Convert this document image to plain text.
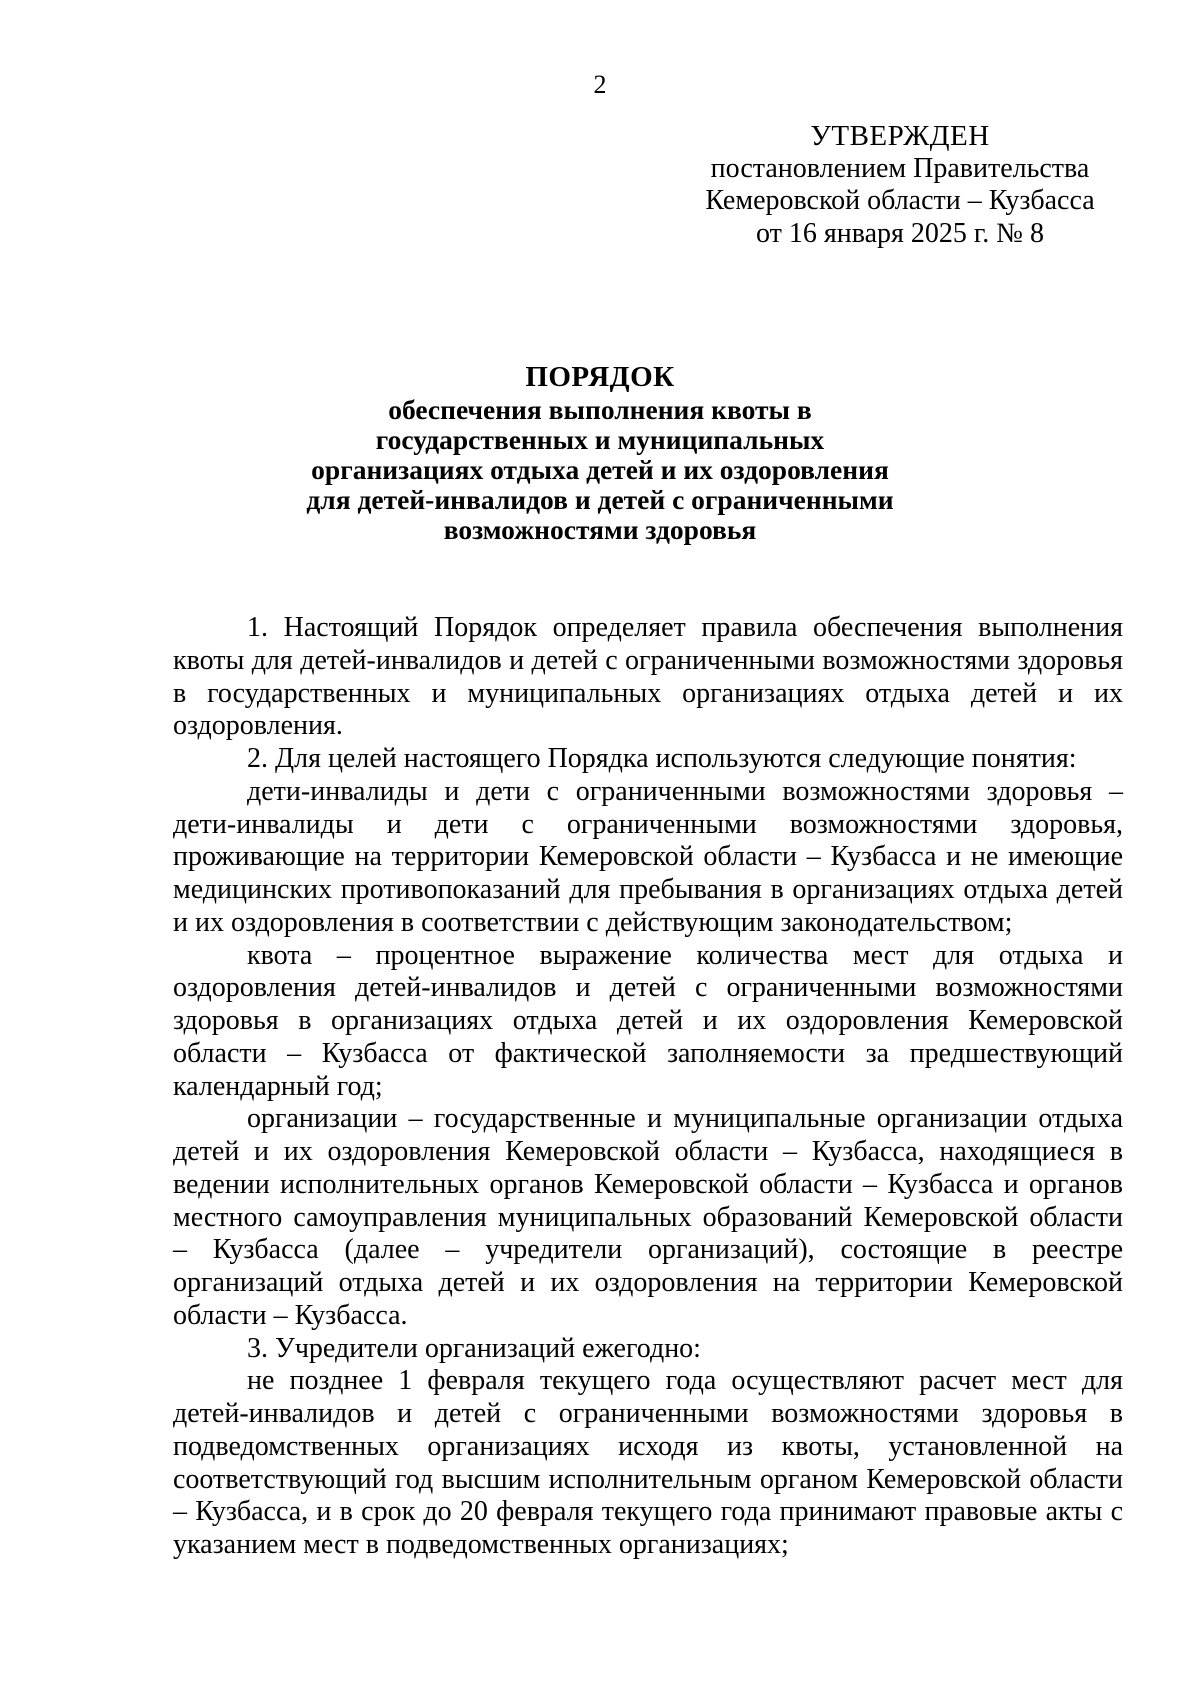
2
УТВЕРЖДЕН
постановлением Правительства
Кемеровской области – Кузбасса
от 16 января 2025 г. № 8
ПОРЯДОК
обеспечения выполнения квоты в
государственных и муниципальных
организациях отдыха детей и их оздоровления
для детей-инвалидов и детей с ограниченными
возможностями здоровья

1. Настоящий Порядок определяет правила обеспечения выполнения квоты для детей-инвалидов и детей с ограниченными возможностями здоровья в государственных и муниципальных организациях отдыха детей и их оздоровления.

2. Для целей настоящего Порядка используются следующие понятия:

дети-инвалиды и дети с ограниченными возможностями здоровья – дети-инвалиды и дети с ограниченными возможностями здоровья, проживающие на территории Кемеровской области – Кузбасса и не имеющие медицинских противопоказаний для пребывания в организациях отдыха детей и их оздоровления в соответствии с действующим законодательством;

квота – процентное выражение количества мест для отдыха и оздоровления детей-инвалидов и детей с ограниченными возможностями здоровья в организациях отдыха детей и их оздоровления Кемеровской области – Кузбасса от фактической заполняемости за предшествующий календарный год;

организации – государственные и муниципальные организации отдыха детей и их оздоровления Кемеровской области – Кузбасса, находящиеся в ведении исполнительных органов Кемеровской области – Кузбасса и органов местного самоуправления муниципальных образований Кемеровской области – Кузбасса (далее – учредители организаций), состоящие в реестре организаций отдыха детей и их оздоровления на территории Кемеровской области – Кузбасса.

3. Учредители организаций ежегодно:

не позднее 1 февраля текущего года осуществляют расчет мест для детей-инвалидов и детей с ограниченными возможностями здоровья в подведомственных организациях исходя из квоты, установленной на соответствующий год высшим исполнительным органом Кемеровской области – Кузбасса, и в срок до 20 февраля текущего года принимают правовые акты с указанием мест в подведомственных организациях;
